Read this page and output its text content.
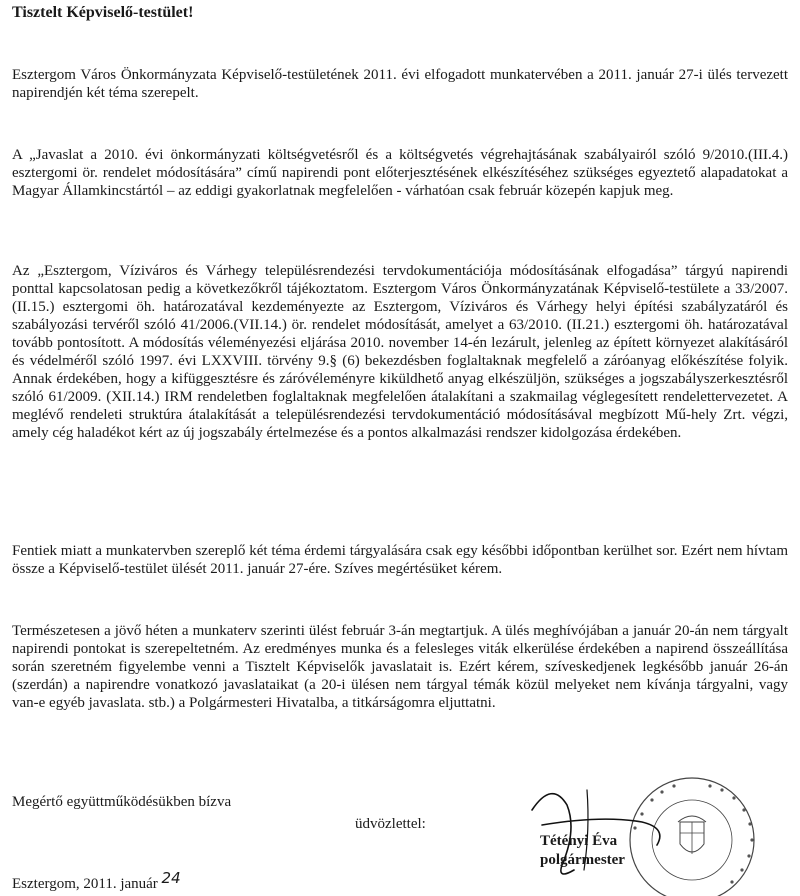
Tisztelt Képviselő-testület!

Esztergom Város Önkormányzata Képviselő-testületének 2011. évi elfogadott munkatervében a 2011. január 27-i ülés tervezett napirendjén két téma szerepelt.

A „Javaslat a 2010. évi önkormányzati költségvetésről és a költségvetés végrehajtásának szabályairól szóló 9/2010.(III.4.) esztergomi ör. rendelet módosítására” című napirendi pont előterjesztésének elkészítéséhez szükséges egyeztető alapadatokat a Magyar Államkincstártól – az eddigi gyakorlatnak megfelelően - várhatóan csak február közepén kapjuk meg.

Az „Esztergom, Víziváros és Várhegy településrendezési tervdokumentációja módosításának elfogadása” tárgyú napirendi ponttal kapcsolatosan pedig a következőkről tájékoztatom. Esztergom Város Önkormányzatának Képviselő-testülete a 33/2007. (II.15.) esztergomi öh. határozatával kezdeményezte az Esztergom, Víziváros és Várhegy helyi építési szabályzatáról és szabályozási tervéről szóló 41/2006.(VII.14.) ör. rendelet módosítását, amelyet a 63/2010. (II.21.) esztergomi öh. határozatával tovább pontosított. A módosítás véleményezési eljárása 2010. november 14-én lezárult, jelenleg az épített környezet alakításáról és védelméről szóló 1997. évi LXXVIII. törvény 9.§ (6) bekezdésben foglaltaknak megfelelő a záróanyag előkészítése folyik. Annak érdekében, hogy a kifüggesztésre és záróvéleményre kiküldhető anyag elkészüljön, szükséges a jogszabályszerkesztésről szóló 61/2009. (XII.14.) IRM rendeletben foglaltaknak megfelelően átalakítani a szakmailag véglegesített rendelettervezetet. A meglévő rendeleti struktúra átalakítását a településrendezési tervdokumentáció módosításával megbízott Mű-hely Zrt. végzi, amely cég haladékot kért az új jogszabály értelmezése és a pontos alkalmazási rendszer kidolgozása érdekében.

Fentiek miatt a munkatervben szereplő két téma érdemi tárgyalására csak egy későbbi időpontban kerülhet sor. Ezért nem hívtam össze a Képviselő-testület ülését 2011. január 27-ére. Szíves megértésüket kérem.

Természetesen a jövő héten a munkaterv szerinti ülést február 3-án megtartjuk. A ülés meghívójában a január 20-án nem tárgyalt napirendi pontokat is szerepeltetném. Az eredményes munka és a felesleges viták elkerülése érdekében a napirend összeállítása során szeretném figyelembe venni a Tisztelt Képviselők javaslatait is. Ezért kérem, szíveskedjenek legkésőbb január 26-án (szerdán) a napirendre vonatkozó javaslataikat (a 20-i ülésen nem tárgyal témák közül melyeket nem kívánja tárgyalni, vagy van-e egyéb javaslata. stb.) a Polgármesteri Hivatalba, a titkárságomra eljuttatni.

Megértő együttműködésükben bízva
üdvözlettel:
Tétényi Éva
polgármester
Esztergom, 2011. január 24
